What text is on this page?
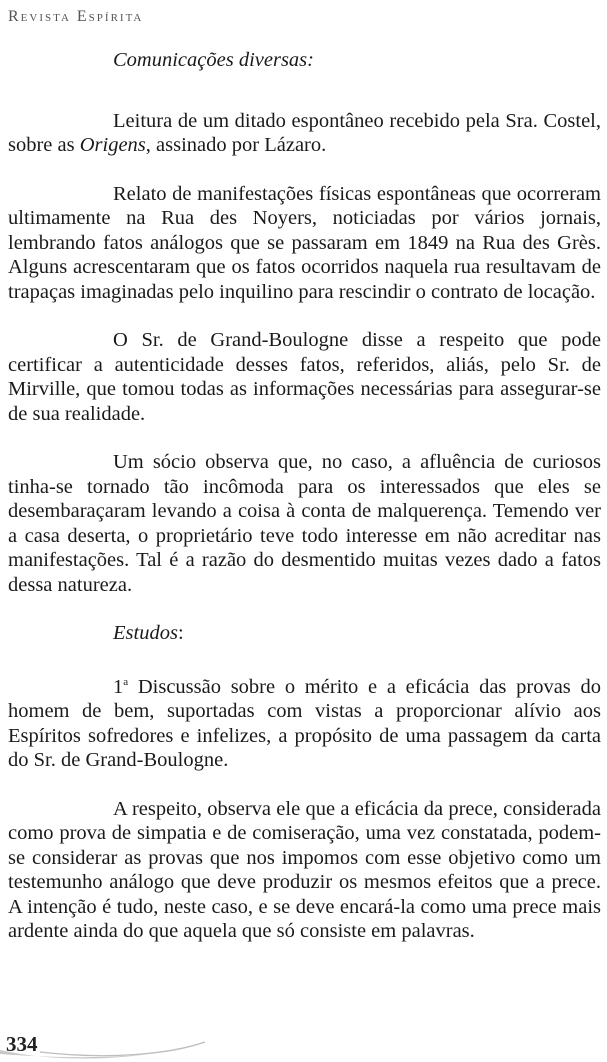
Revista Espírita

Comunicações diversas:

Leitura de um ditado espontâneo recebido pela Sra. Costel, sobre as Origens, assinado por Lázaro.

Relato de manifestações físicas espontâneas que ocorreram ultimamente na Rua des Noyers, noticiadas por vários jornais, lembrando fatos análogos que se passaram em 1849 na Rua des Grès. Alguns acrescentaram que os fatos ocorridos naquela rua resultavam de trapaças imaginadas pelo inquilino para rescindir o contrato de locação.

O Sr. de Grand-Boulogne disse a respeito que pode certificar a autenticidade desses fatos, referidos, aliás, pelo Sr. de Mirville, que tomou todas as informações necessárias para assegurar-se de sua realidade.

Um sócio observa que, no caso, a afluência de curiosos tinha-se tornado tão incômoda para os interessados que eles se desembaraçaram levando a coisa à conta de malquerença. Temendo ver a casa deserta, o proprietário teve todo interesse em não acreditar nas manifestações. Tal é a razão do desmentido muitas vezes dado a fatos dessa natureza.

Estudos:

1$^a$ Discussão sobre o mérito e a eficácia das provas do homem de bem, suportadas com vistas a proporcionar alívio aos Espíritos sofredores e infelizes, a propósito de uma passagem da carta do Sr. de Grand-Boulogne.

A respeito, observa ele que a eficácia da prece, considerada como prova de simpatia e de comiseração, uma vez constatada, podem-se considerar as provas que nos impomos com esse objetivo como um testemunho análogo que deve produzir os mesmos efeitos que a prece. A intenção é tudo, neste caso, e se deve encará-la como uma prece mais ardente ainda do que aquela que só consiste em palavras.

334
